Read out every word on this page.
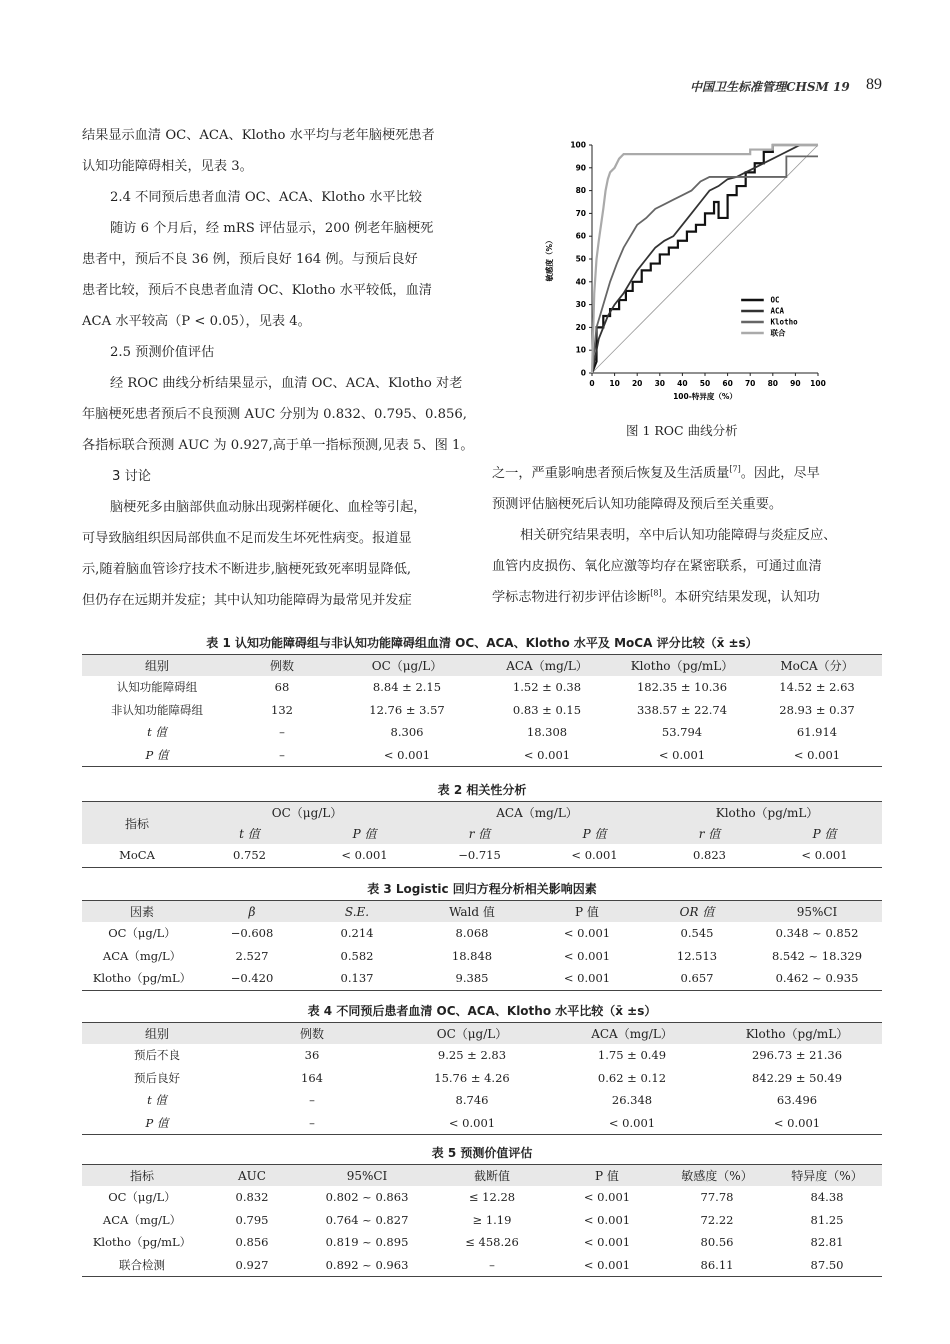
中国卫生标准管理CHSM 19 89

结果显示血清 OC、ACA、Klotho 水平均与老年脑梗死患者

认知功能障碍相关，见表 3。

2.4 不同预后患者血清 OC、ACA、Klotho 水平比较

随访 6 个月后，经 mRS 评估显示，200 例老年脑梗死

患者中，预后不良 36 例，预后良好 164 例。与预后良好

患者比较，预后不良患者血清 OC、Klotho 水平较低，血清

ACA 水平较高（P < 0.05），见表 4。

2.5 预测价值评估

经 ROC 曲线分析结果显示，血清 OC、ACA、Klotho 对老

年脑梗死患者预后不良预测 AUC 分别为 0.832、0.795、0.856,

各指标联合预测 AUC 为 0.927,高于单一指标预测,见表 5、图 1。

3 讨论

脑梗死多由脑部供血动脉出现粥样硬化、血栓等引起，

可导致脑组织因局部供血不足而发生坏死性病变。报道显

示,随着脑血管诊疗技术不断进步,脑梗死致死率明显降低,

但仍存在远期并发症；其中认知功能障碍为最常见并发症

之一，严重影响患者预后恢复及生活质量[7]。因此，尽早

预测评估脑梗死后认知功能障碍及预后至关重要。

相关研究结果表明，卒中后认知功能障碍与炎症反应、

血管内皮损伤、氧化应激等均存在紧密联系，可通过血清

学标志物进行初步评估诊断[8]。本研究结果发现，认知功

0 10 20 30 40 50 60 70 80 90 100
0
10
20
30
40
50
60
70
80
90
100
100-特异度（%）
敏感度（%）
OC
ACA
Klotho
联合
图 1 ROC 曲线分析
表 1 认知功能障碍组与非认知功能障碍组血清 OC、ACA、Klotho 水平及 MoCA 评分比较（x̄ ±s）
组别	例数	OC（μg/L）	ACA（mg/L）	Klotho（pg/mL）	MoCA（分）
认知功能障碍组	68	8.84 ± 2.15	1.52 ± 0.38	182.35 ± 10.36	14.52 ± 2.63
非认知功能障碍组	132	12.76 ± 3.57	0.83 ± 0.15	338.57 ± 22.74	28.93 ± 0.37
t 值	–	8.306	18.308	53.794	61.914
P 值	–	< 0.001	< 0.001	< 0.001	< 0.001
表 2 相关性分析
指标	OC（μg/L）		ACA（mg/L）		Klotho（pg/mL）	
	t 值	P 值	r 值	P 值	r 值	P 值
MoCA	0.752	< 0.001	−0.715	< 0.001	0.823	< 0.001
表 3 Logistic 回归方程分析相关影响因素
因素	β	S.E.	Wald 值	P 值	OR 值	95%CI
OC（μg/L）	−0.608	0.214	8.068	< 0.001	0.545	0.348 ~ 0.852
ACA（mg/L）	2.527	0.582	18.848	< 0.001	12.513	8.542 ~ 18.329
Klotho（pg/mL）	−0.420	0.137	9.385	< 0.001	0.657	0.462 ~ 0.935
表 4 不同预后患者血清 OC、ACA、Klotho 水平比较（x̄ ±s）
组别	例数	OC（μg/L）	ACA（mg/L）	Klotho（pg/mL）
预后不良	36	9.25 ± 2.83	1.75 ± 0.49	296.73 ± 21.36
预后良好	164	15.76 ± 4.26	0.62 ± 0.12	842.29 ± 50.49
t 值	–	8.746	26.348	63.496
P 值	–	< 0.001	< 0.001	< 0.001
表 5 预测价值评估
指标	AUC	95%CI	截断值	P 值	敏感度（%）	特异度（%）
OC（μg/L）	0.832	0.802 ~ 0.863	≤ 12.28	< 0.001	77.78	84.38
ACA（mg/L）	0.795	0.764 ~ 0.827	≥ 1.19	< 0.001	72.22	81.25
Klotho（pg/mL）	0.856	0.819 ~ 0.895	≤ 458.26	< 0.001	80.56	82.81
联合检测	0.927	0.892 ~ 0.963	–	< 0.001	86.11	87.50
